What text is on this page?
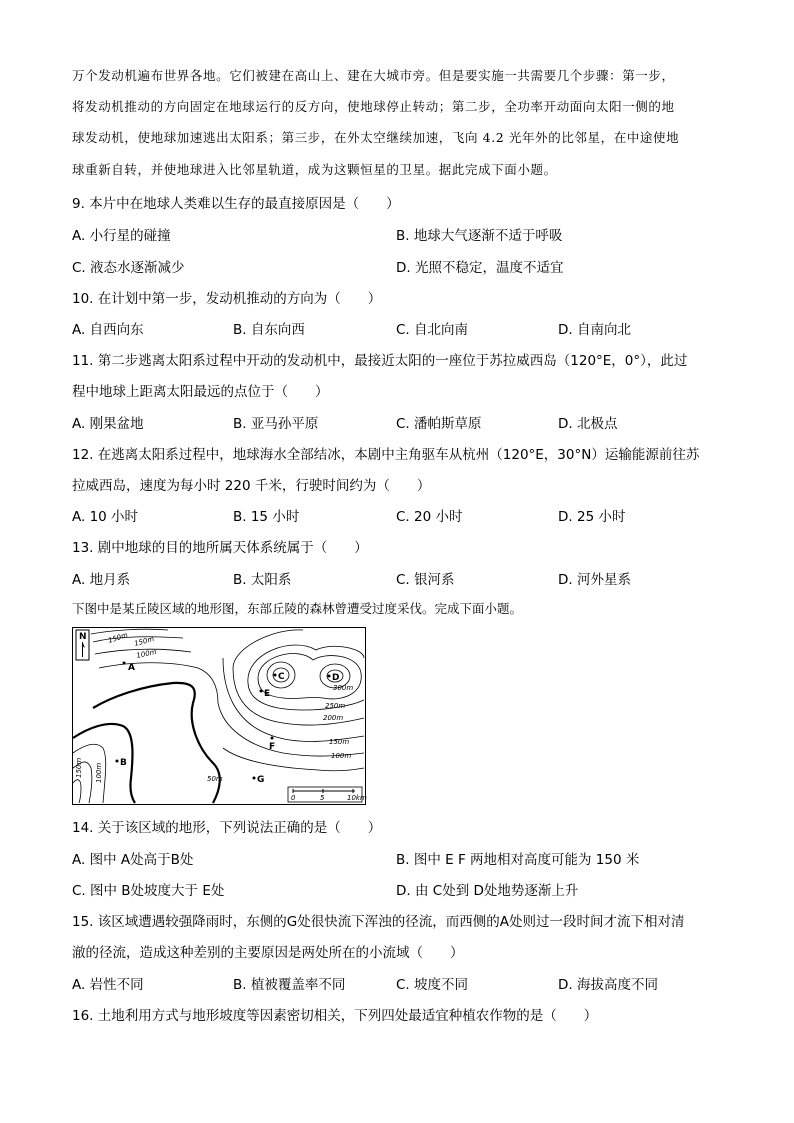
万个发动机遍布世界各地。它们被建在高山上、建在大城市旁。但是要实施一共需要几个步骤：第一步，
将发动机推动的方向固定在地球运行的反方向，使地球停止转动；第二步，全功率开动面向太阳一侧的地
球发动机，使地球加速逃出太阳系；第三步，在外太空继续加速，飞向 4.2 光年外的比邻星，在中途使地
球重新自转，并使地球进入比邻星轨道，成为这颗恒星的卫星。据此完成下面小题。
9. 本片中在地球人类难以生存的最直接原因是（　　）
A. 小行星的碰撞	B. 地球大气逐渐不适于呼吸
C. 液态水逐渐减少	D. 光照不稳定，温度不适宜
10. 在计划中第一步，发动机推动的方向为（　　）
A. 自西向东	B. 自东向西	C. 自北向南	D. 自南向北
11. 第二步逃离太阳系过程中开动的发动机中，最接近太阳的一座位于苏拉威西岛（120°E，0°），此过
程中地球上距离太阳最远的点位于（　　）
A. 刚果盆地	B. 亚马孙平原	C. 潘帕斯草原	D. 北极点
12. 在逃离太阳系过程中，地球海水全部结冰，本剧中主角驱车从杭州（120°E，30°N）运输能源前往苏
拉威西岛，速度为每小时 220 千米，行驶时间约为（　　）
A. 10 小时	B. 15 小时	C. 20 小时	D. 25 小时
13. 剧中地球的目的地所属天体系统属于（　　）
A. 地月系	B. 太阳系	C. 银河系	D. 河外星系
下图中是某丘陵区域的地形图，东部丘陵的森林曾遭受过度采伐。完成下面小题。
N
0	5	10km
150m 150m
100m
300m
250m
200m
150m
100m
50m
150m 100m
A
B
C	D
E
F
G
14. 关于该区域的地形，下列说法正确的是（　　）
A. 图中 A处高于B处	B. 图中 E F 两地相对高度可能为 150 米
C. 图中 B处坡度大于 E处	D. 由 C处到 D处地势逐渐上升
15. 该区域遭遇较强降雨时，东侧的G处很快流下浑浊的径流，而西侧的A处则过一段时间才流下相对清
澈的径流，造成这种差别的主要原因是两处所在的小流域（　　）
A. 岩性不同	B. 植被覆盖率不同	C. 坡度不同	D. 海拔高度不同
16. 土地利用方式与地形坡度等因素密切相关，下列四处最适宜种植农作物的是（　　）
